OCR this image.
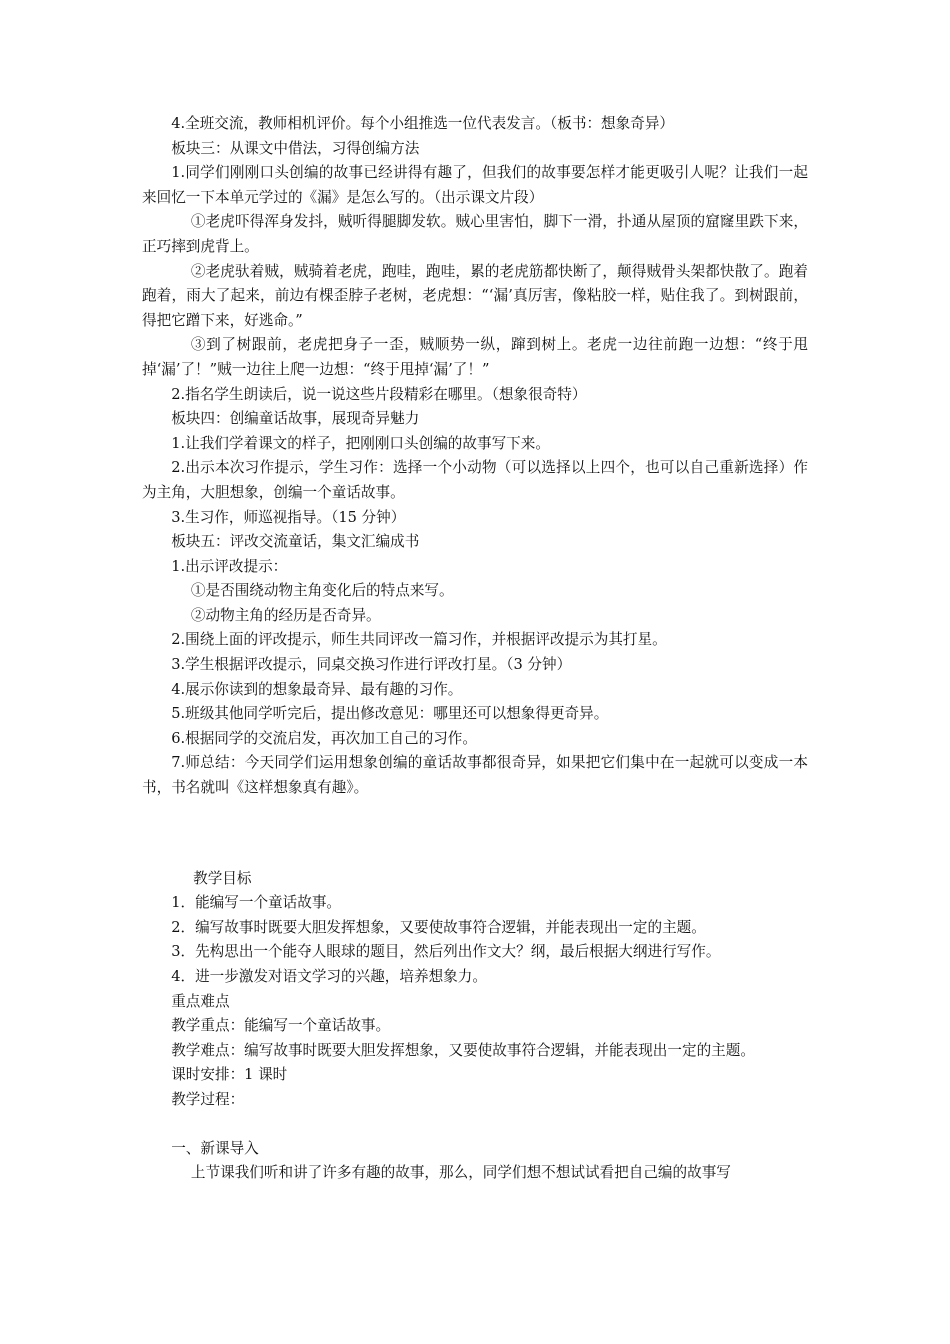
4.全班交流，教师相机评价。每个小组推选一位代表发言。（板书：想象奇异）

板块三：从课文中借法，习得创编方法

1.同学们刚刚口头创编的故事已经讲得有趣了，但我们的故事要怎样才能更吸引人呢？让我们一起来回忆一下本单元学过的《漏》是怎么写的。（出示课文片段）

①老虎吓得浑身发抖，贼听得腿脚发软。贼心里害怕，脚下一滑，扑通从屋顶的窟窿里跌下来，正巧摔到虎背上。

②老虎驮着贼，贼骑着老虎，跑哇，跑哇，累的老虎筋都快断了，颠得贼骨头架都快散了。跑着跑着，雨大了起来，前边有棵歪脖子老树，老虎想：“‘漏’真厉害，像粘胶一样，贴住我了。到树跟前，得把它蹭下来，好逃命。”

③到了树跟前，老虎把身子一歪，贼顺势一纵，蹿到树上。老虎一边往前跑一边想：“终于甩掉‘漏’了！”贼一边往上爬一边想：“终于甩掉‘漏’了！”

2.指名学生朗读后，说一说这些片段精彩在哪里。（想象很奇特）

板块四：创编童话故事，展现奇异魅力

1.让我们学着课文的样子，把刚刚口头创编的故事写下来。

2.出示本次习作提示，学生习作：选择一个小动物（可以选择以上四个，也可以自己重新选择）作为主角，大胆想象，创编一个童话故事。

3.生习作，师巡视指导。（15 分钟）

板块五：评改交流童话，集文汇编成书

1.出示评改提示：

①是否围绕动物主角变化后的特点来写。

②动物主角的经历是否奇异。

2.围绕上面的评改提示，师生共同评改一篇习作，并根据评改提示为其打星。

3.学生根据评改提示，同桌交换习作进行评改打星。（3 分钟）

4.展示你读到的想象最奇异、最有趣的习作。

5.班级其他同学听完后，提出修改意见：哪里还可以想象得更奇异。

6.根据同学的交流启发，再次加工自己的习作。

7.师总结：今天同学们运用想象创编的童话故事都很奇异，如果把它们集中在一起就可以变成一本书，书名就叫《这样想象真有趣》。

教学目标

1．能编写一个童话故事。

2．编写故事时既要大胆发挥想象，又要使故事符合逻辑，并能表现出一定的主题。

3．先构思出一个能夺人眼球的题目，然后列出作文大？纲，最后根据大纲进行写作。

4．进一步激发对语文学习的兴趣，培养想象力。

重点难点

教学重点：能编写一个童话故事。

教学难点：编写故事时既要大胆发挥想象，又要使故事符合逻辑，并能表现出一定的主题。

课时安排：1 课时

教学过程：

一、新课导入

上节课我们听和讲了许多有趣的故事，那么，同学们想不想试试看把自己编的故事写
